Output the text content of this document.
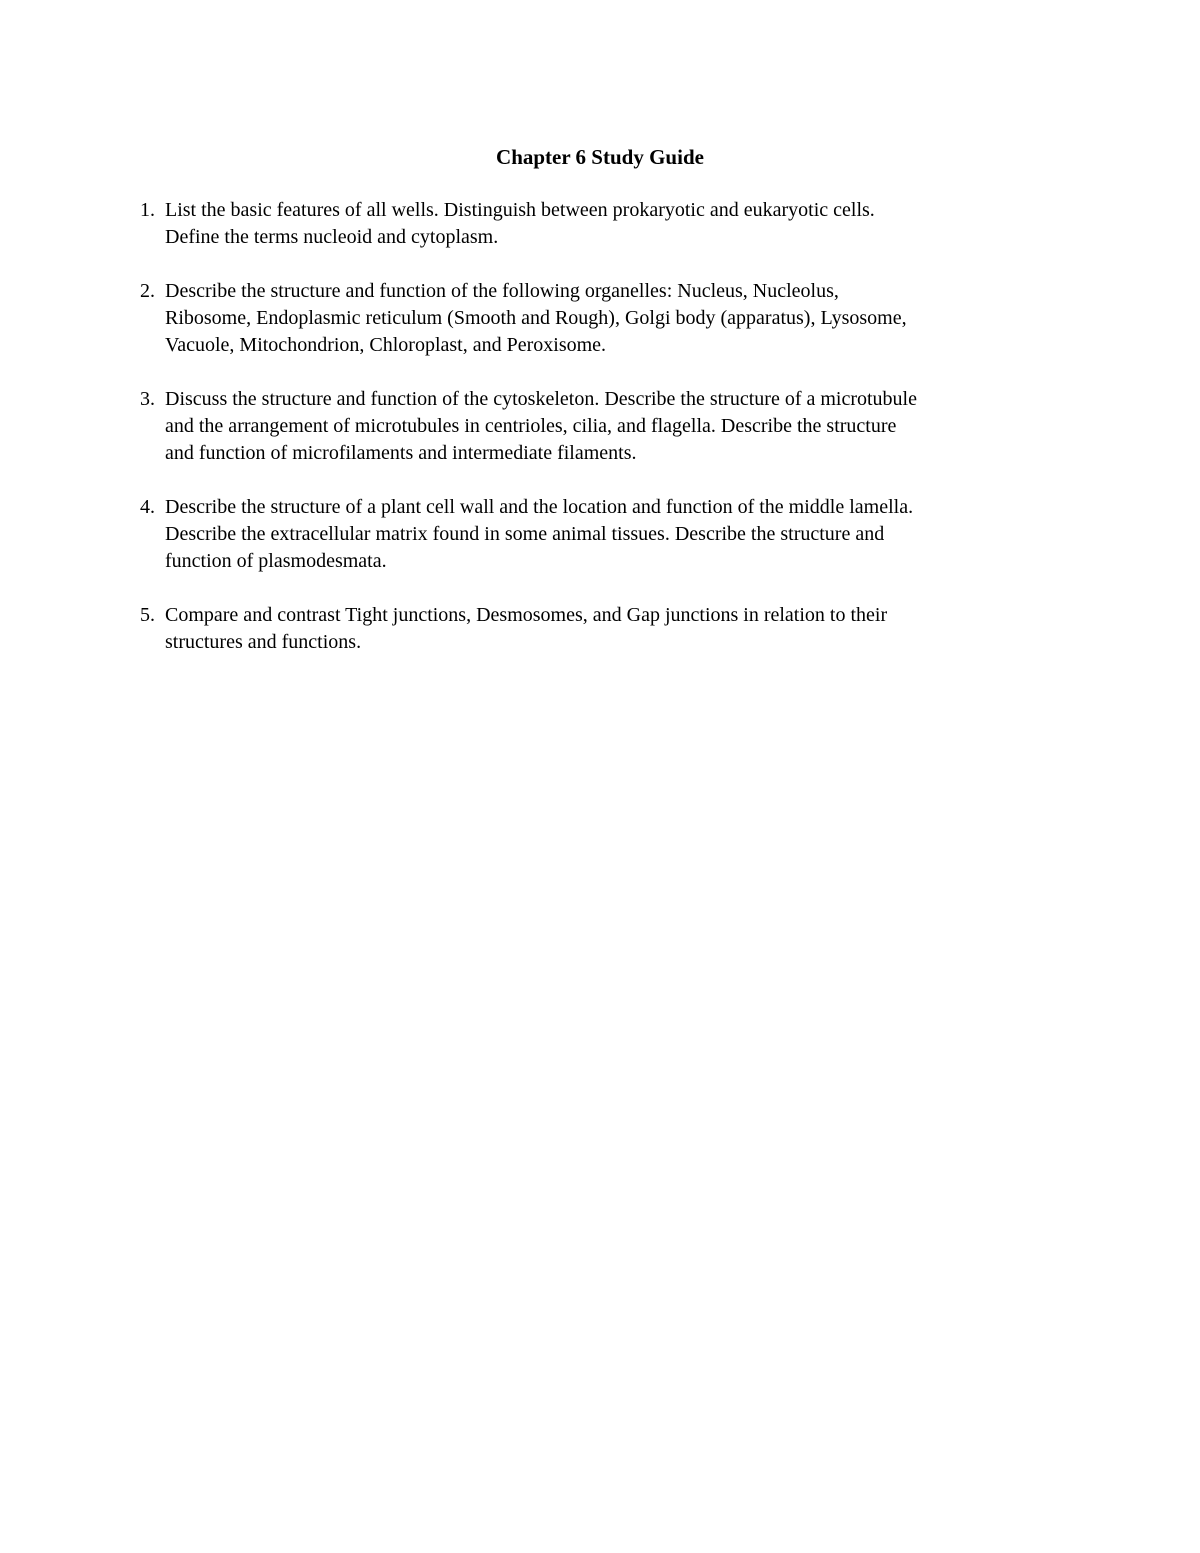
Chapter 6 Study Guide
1. List the basic features of all wells. Distinguish between prokaryotic and eukaryotic cells.
Define the terms nucleoid and cytoplasm.

2. Describe the structure and function of the following organelles: Nucleus, Nucleolus,
Ribosome, Endoplasmic reticulum (Smooth and Rough), Golgi body (apparatus), Lysosome,
Vacuole, Mitochondrion, Chloroplast, and Peroxisome.

3. Discuss the structure and function of the cytoskeleton. Describe the structure of a microtubule
and the arrangement of microtubules in centrioles, cilia, and flagella. Describe the structure
and function of microfilaments and intermediate filaments.

4. Describe the structure of a plant cell wall and the location and function of the middle lamella.
Describe the extracellular matrix found in some animal tissues. Describe the structure and
function of plasmodesmata.

5. Compare and contrast Tight junctions, Desmosomes, and Gap junctions in relation to their
structures and functions.
